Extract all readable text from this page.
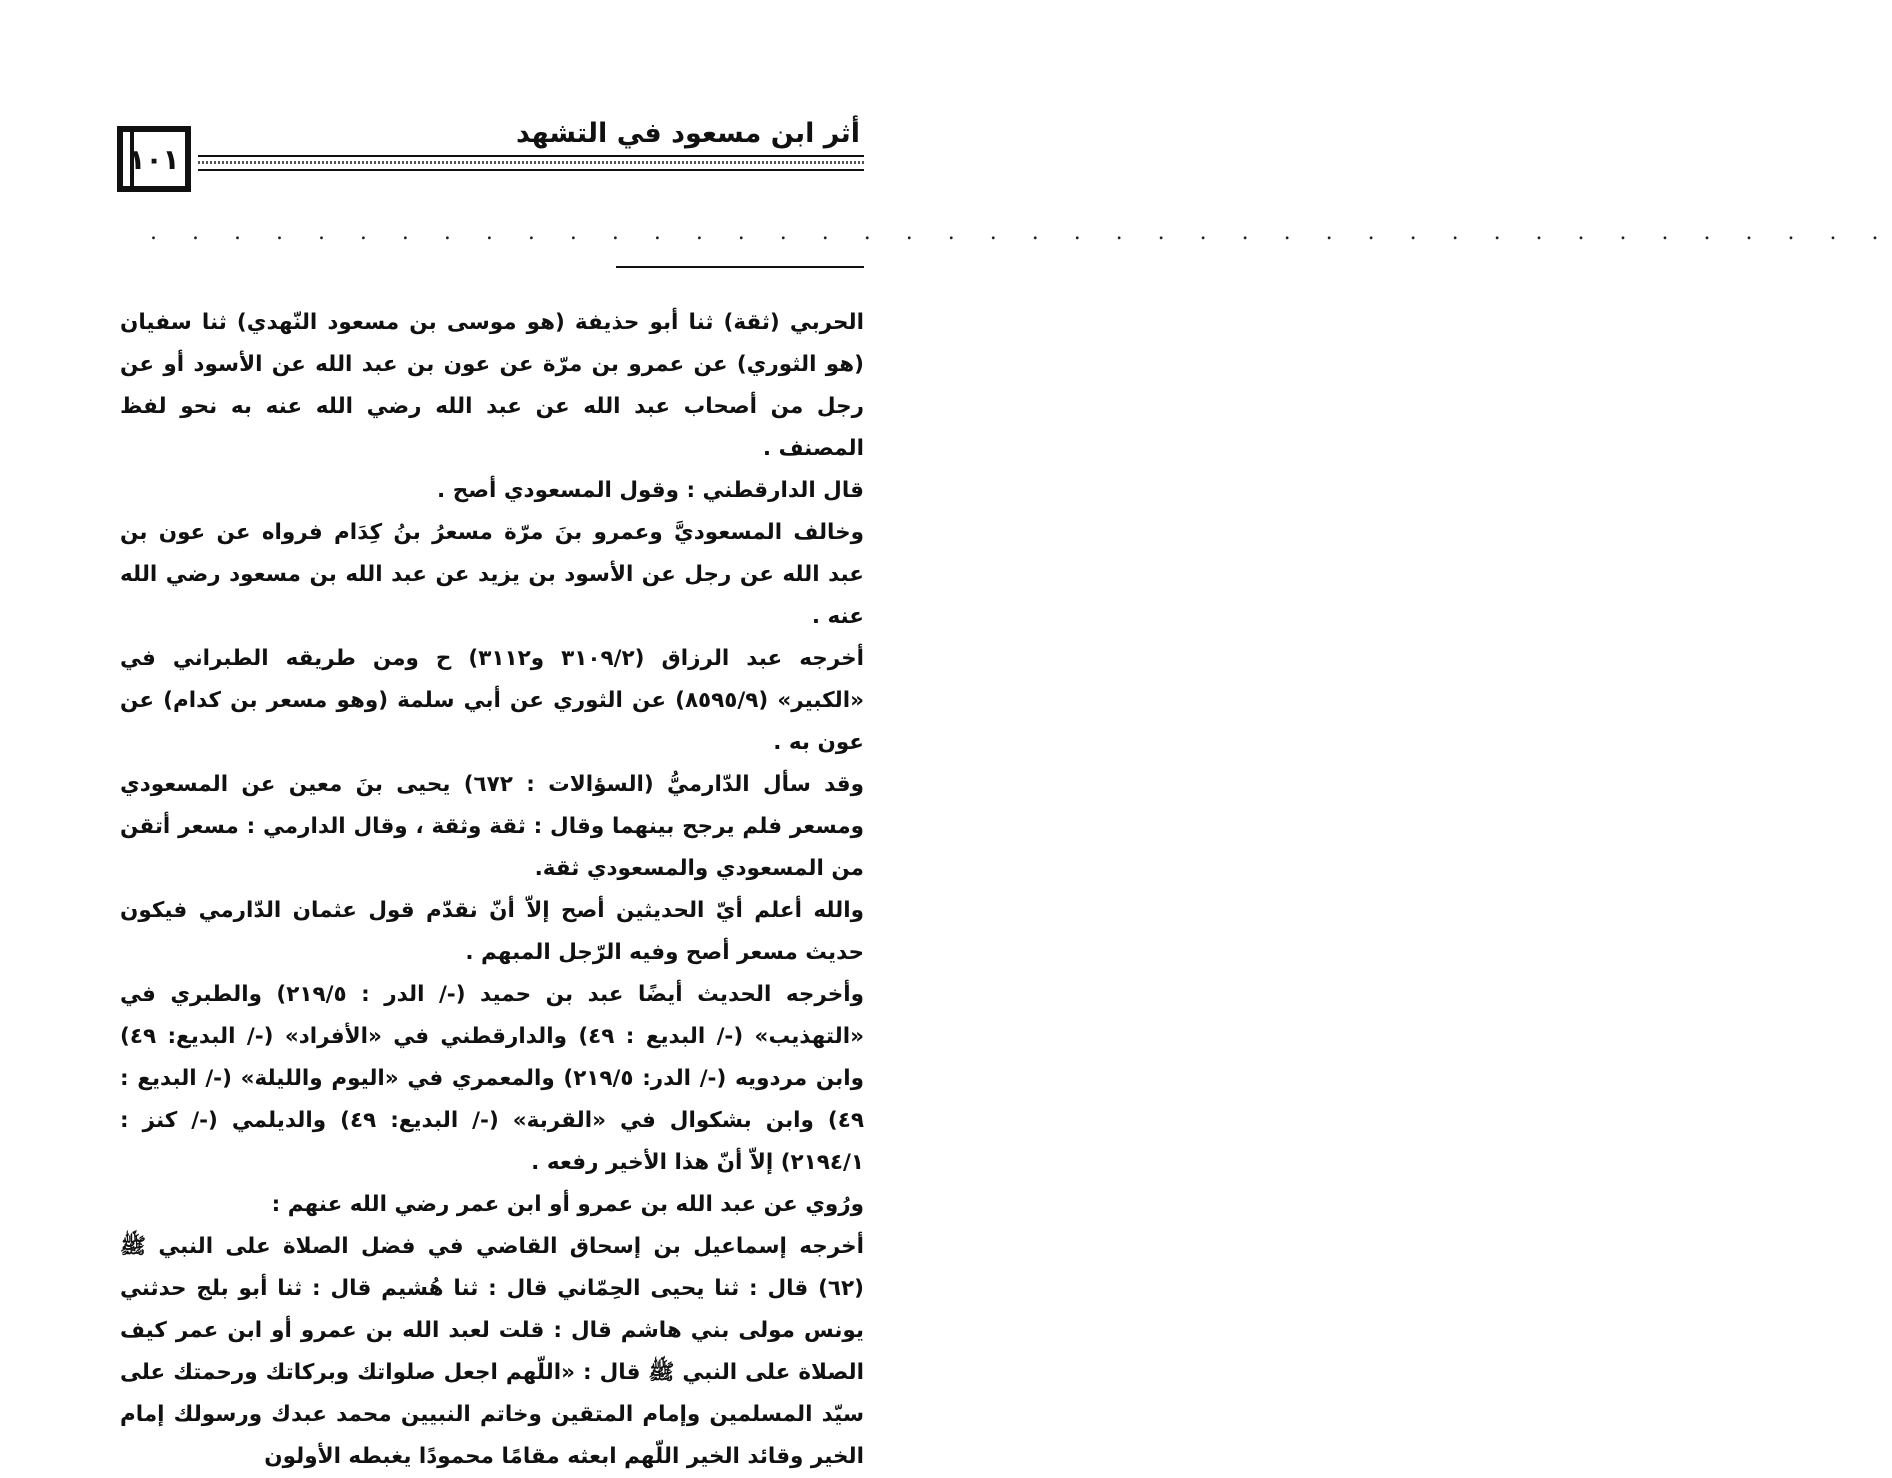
أثر ابن مسعود في التشهد
١٠١
. . . . . . . . . . . . . . . . . . . . . . . . . . . . . . . . . . . . . . . . . .

الحربي (ثقة) ثنا أبو حذيفة (هو موسى بن مسعود النّهدي) ثنا سفيان (هو الثوري) عن عمرو بن مرّة عن عون بن عبد الله عن الأسود أو عن رجل من أصحاب عبد الله عن عبد الله رضي الله عنه به نحو لفظ المصنف .

قال الدارقطني : وقول المسعودي أصح .

وخالف المسعوديَّ وعمرو بنَ مرّة مسعرُ بنُ كِدَام فرواه عن عون بن عبد الله عن رجل عن الأسود بن يزيد عن عبد الله بن مسعود رضي الله عنه .

أخرجه عبد الرزاق (٣١٠٩/٢ و٣١١٢) ح ومن طريقه الطبراني في «الكبير» (٨٥٩٥/٩) عن الثوري عن أبي سلمة (وهو مسعر بن كدام) عن عون به .

وقد سأل الدّارميُّ (السؤالات : ٦٧٢) يحيى بنَ معين عن المسعودي ومسعر فلم يرجح بينهما وقال : ثقة وثقة ، وقال الدارمي : مسعر أتقن من المسعودي والمسعودي ثقة.

والله أعلم أيّ الحديثين أصح إلاّ أنّ نقدّم قول عثمان الدّارمي فيكون حديث مسعر أصح وفيه الرّجل المبهم .

وأخرجه الحديث أيضًا عبد بن حميد (-/ الدر : ٢١٩/٥) والطبري في «التهذيب» (-/ البديع : ٤٩) والدارقطني في «الأفراد» (-/ البديع: ٤٩) وابن مردويه (-/ الدر: ٢١٩/٥) والمعمري في «اليوم والليلة» (-/ البديع : ٤٩) وابن بشكوال في «القربة» (-/ البديع: ٤٩) والديلمي (-/ كنز : ٢١٩٤/١) إلاّ أنّ هذا الأخير رفعه .

ورُوي عن عبد الله بن عمرو أو ابن عمر رضي الله عنهم :

أخرجه إسماعيل بن إسحاق القاضي في فضل الصلاة على النبي ﷺ (٦٢) قال : ثنا يحيى الحِمّاني قال : ثنا هُشيم قال : ثنا أبو بلج حدثني يونس مولى بني هاشم قال : قلت لعبد الله بن عمرو أو ابن عمر كيف الصلاة على النبي ﷺ قال : «اللّهم اجعل صلواتك وبركاتك ورحمتك على سيّد المسلمين وإمام المتقين وخاتم النبيين محمد عبدك ورسولك إمام الخير وقائد الخير اللّهم ابعثه مقامًا محمودًا يغبطه الأولون
